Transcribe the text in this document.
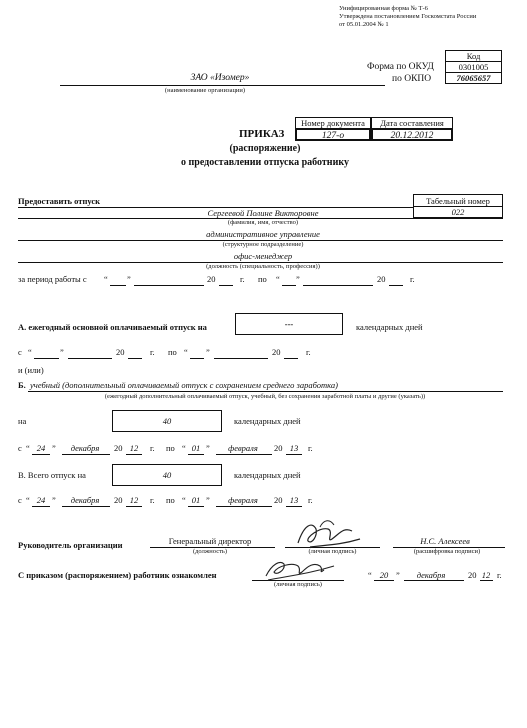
Унифицированная форма № Т-6
Утверждена постановлением Госкомстата России
от 05.01.2004 № 1
Код
Форма по ОКУД	0301005
по ОКПО	76065657
ЗАО «Изомер»
(наименование организации)
Номер документа	Дата составления
127-о	20.12.2012
ПРИКАЗ
(распоряжение)
о предоставлении отпуска работнику
Предоставить отпуск	Табельный номер
022
Сергеевой Полине Викторовне
(фамилия, имя, отчество)
административное управление
(структурное подразделение)
офис-менеджер
(должность (специальность, профессия))
за период работы с “ ”	20	г. по “ ”	20	г.
А. ежегодный основной оплачиваемый отпуск на	---	календарных дней
с “	”	20	г. по “ ”	20	г.
и (или)
Б. учебный (дополнительный оплачиваемый отпуск с сохранением среднего заработка)
(ежегодный дополнительный оплачиваемый отпуск, учебный, без сохранения заработной платы и другие (указать))
на	40	календарных дней
с “ 24 ”	декабря	20 12	г. по “ 01 ”	февраля	20 13	г.
В. Всего отпуск на	40	календарных дней
с “ 24 ”	декабря	20 12	г. по “ 01 ”	февраля	20 13	г.
Руководитель организации	Генеральный директор
(должность)	(личная подпись)
Н.С. Алексеев
(расшифровка подписи)
С приказом (распоряжением) работник ознакомлен
(личная подпись)
“ 20 ”	декабря	20 12 г.
